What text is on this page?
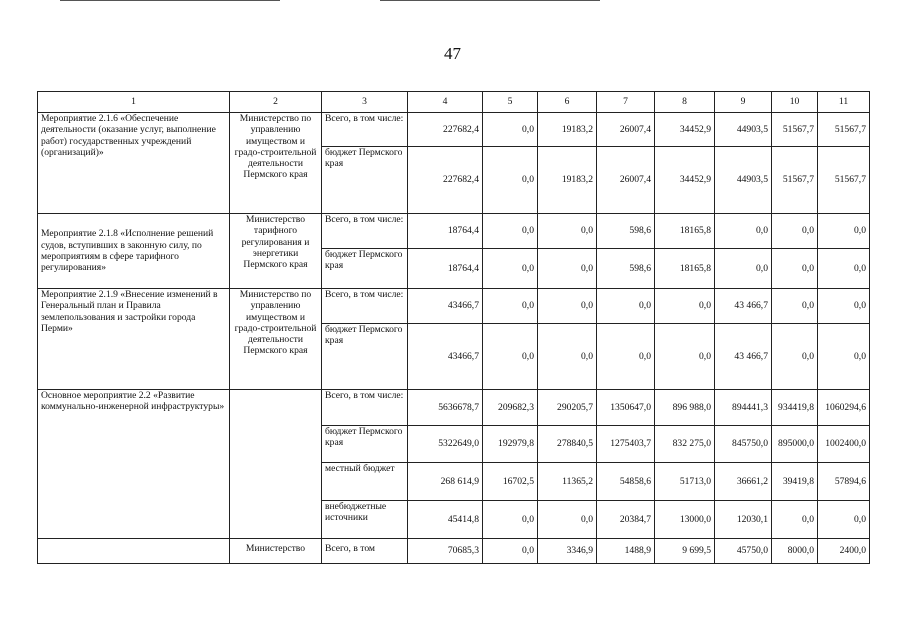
47
1	2	3	4	5	6	7	8	9	10	11
Мероприятие 2.1.6 «Обеспечение деятельности (оказание услуг, выполнение работ) государственных учреждений (организаций)»	Министерство по управлению имуществом и градо-строительной деятельности Пермского края	Всего, в том числе:	227682,4	0,0	19183,2	26007,4	34452,9	44903,5	51567,7	51567,7
		бюджет Пермского края	227682,4	0,0	19183,2	26007,4	34452,9	44903,5	51567,7	51567,7
Мероприятие 2.1.8 «Исполнение решений судов, вступивших в законную силу, по мероприятиям в сфере тарифного регулирования»	Министерство тарифного регулирования и энергетики Пермского края	Всего, в том числе:	18764,4	0,0	0,0	598,6	18165,8	0,0	0,0	0,0
		бюджет Пермского края	18764,4	0,0	0,0	598,6	18165,8	0,0	0,0	0,0
Мероприятие 2.1.9 «Внесение изменений в Генеральный план и Правила землепользования и застройки города Перми»	Министерство по управлению имуществом и градо-строительной деятельности Пермского края	Всего, в том числе:	43466,7	0,0	0,0	0,0	0,0	43 466,7	0,0	0,0
		бюджет Пермского края	43466,7	0,0	0,0	0,0	0,0	43 466,7	0,0	0,0
Основное мероприятие 2.2 «Развитие коммунально-инженерной инфраструктуры»		Всего, в том числе:	5636678,7	209682,3	290205,7	1350647,0	896 988,0	894441,3	934419,8	1060294,6
		бюджет Пермского края	5322649,0	192979,8	278840,5	1275403,7	832 275,0	845750,0	895000,0	1002400,0
		местный бюджет	268 614,9	16702,5	11365,2	54858,6	51713,0	36661,2	39419,8	57894,6
		внебюджетные источники	45414,8	0,0	0,0	20384,7	13000,0	12030,1	0,0	0,0
	Министерство	Всего, в том	70685,3	0,0	3346,9	1488,9	9 699,5	45750,0	8000,0	2400,0
